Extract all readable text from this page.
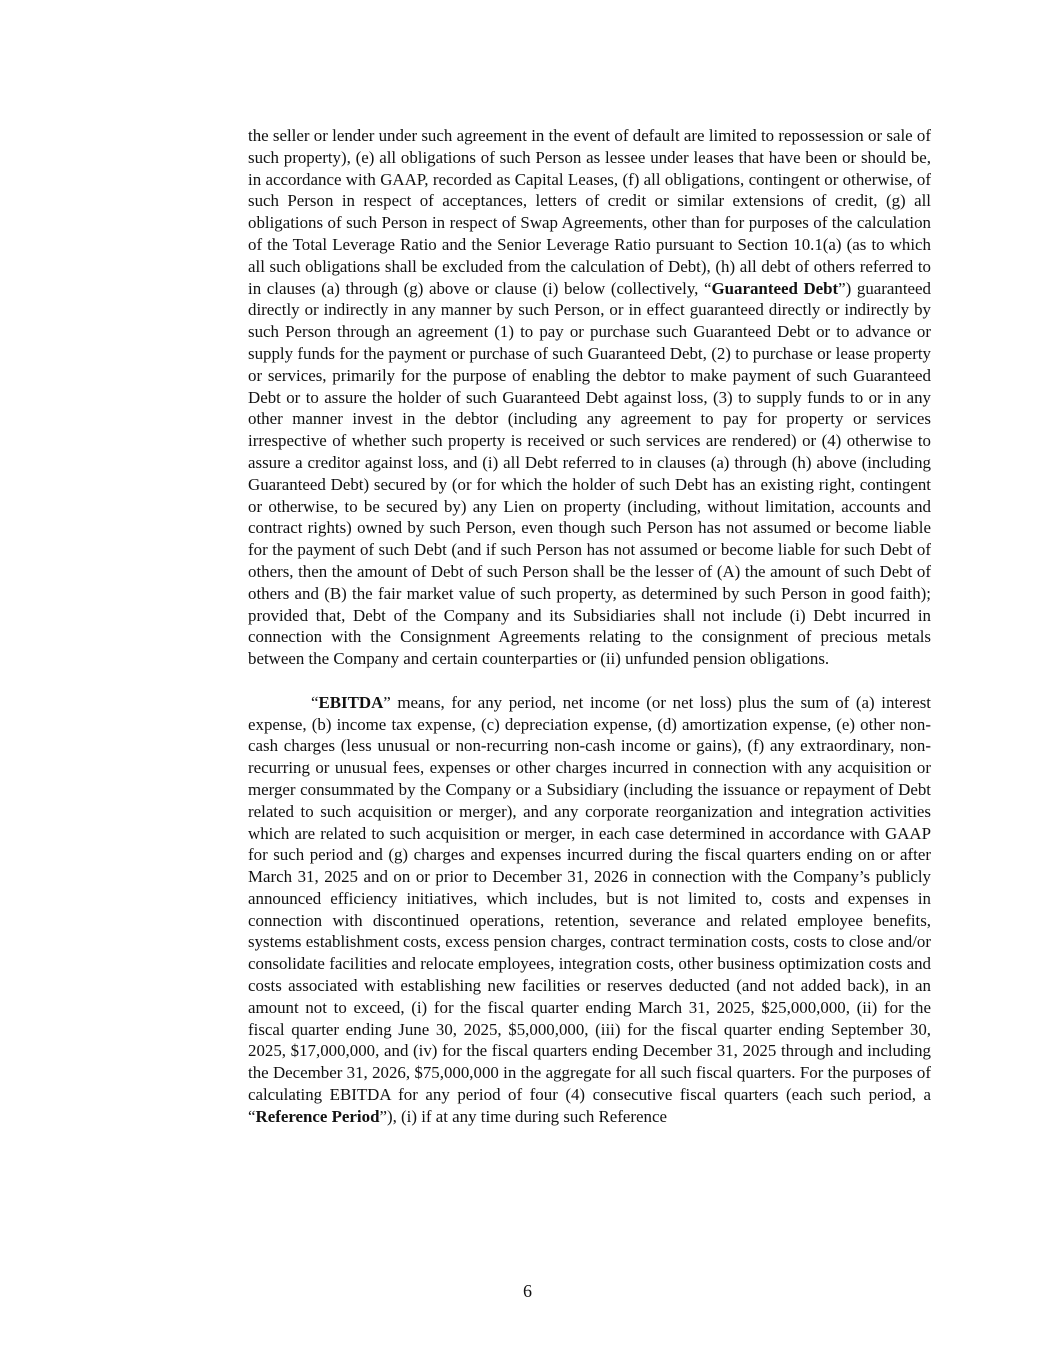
the seller or lender under such agreement in the event of default are limited to repossession or sale of such property), (e) all obligations of such Person as lessee under leases that have been or should be, in accordance with GAAP, recorded as Capital Leases, (f) all obligations, contingent or otherwise, of such Person in respect of acceptances, letters of credit or similar extensions of credit, (g) all obligations of such Person in respect of Swap Agreements, other than for purposes of the calculation of the Total Leverage Ratio and the Senior Leverage Ratio pursuant to Section 10.1(a) (as to which all such obligations shall be excluded from the calculation of Debt), (h) all debt of others referred to in clauses (a) through (g) above or clause (i) below (collectively, “Guaranteed Debt”) guaranteed directly or indirectly in any manner by such Person, or in effect guaranteed directly or indirectly by such Person through an agreement (1) to pay or purchase such Guaranteed Debt or to advance or supply funds for the payment or purchase of such Guaranteed Debt, (2) to purchase or lease property or services, primarily for the purpose of enabling the debtor to make payment of such Guaranteed Debt or to assure the holder of such Guaranteed Debt against loss, (3) to supply funds to or in any other manner invest in the debtor (including any agreement to pay for property or services irrespective of whether such property is received or such services are rendered) or (4) otherwise to assure a creditor against loss, and (i) all Debt referred to in clauses (a) through (h) above (including Guaranteed Debt) secured by (or for which the holder of such Debt has an existing right, contingent or otherwise, to be secured by) any Lien on property (including, without limitation, accounts and contract rights) owned by such Person, even though such Person has not assumed or become liable for the payment of such Debt (and if such Person has not assumed or become liable for such Debt of others, then the amount of Debt of such Person shall be the lesser of (A) the amount of such Debt of others and (B) the fair market value of such property, as determined by such Person in good faith); provided that, Debt of the Company and its Subsidiaries shall not include (i) Debt incurred in connection with the Consignment Agreements relating to the consignment of precious metals between the Company and certain counterparties or (ii) unfunded pension obligations.

“EBITDA” means, for any period, net income (or net loss) plus the sum of (a) interest expense, (b) income tax expense, (c) depreciation expense, (d) amortization expense, (e) other non-cash charges (less unusual or non-recurring non-cash income or gains), (f) any extraordinary, non-recurring or unusual fees, expenses or other charges incurred in connection with any acquisition or merger consummated by the Company or a Subsidiary (including the issuance or repayment of Debt related to such acquisition or merger), and any corporate reorganization and integration activities which are related to such acquisition or merger, in each case determined in accordance with GAAP for such period and (g) charges and expenses incurred during the fiscal quarters ending on or after March 31, 2025 and on or prior to December 31, 2026 in connection with the Company’s publicly announced efficiency initiatives, which includes, but is not limited to, costs and expenses in connection with discontinued operations, retention, severance and related employee benefits, systems establishment costs, excess pension charges, contract termination costs, costs to close and/or consolidate facilities and relocate employees, integration costs, other business optimization costs and costs associated with establishing new facilities or reserves deducted (and not added back), in an amount not to exceed, (i) for the fiscal quarter ending March 31, 2025, $25,000,000, (ii) for the fiscal quarter ending June 30, 2025, $5,000,000, (iii) for the fiscal quarter ending September 30, 2025, $17,000,000, and (iv) for the fiscal quarters ending December 31, 2025 through and including the December 31, 2026, $75,000,000 in the aggregate for all such fiscal quarters. For the purposes of calculating EBITDA for any period of four (4) consecutive fiscal quarters (each such period, a “Reference Period”), (i) if at any time during such Reference

6
